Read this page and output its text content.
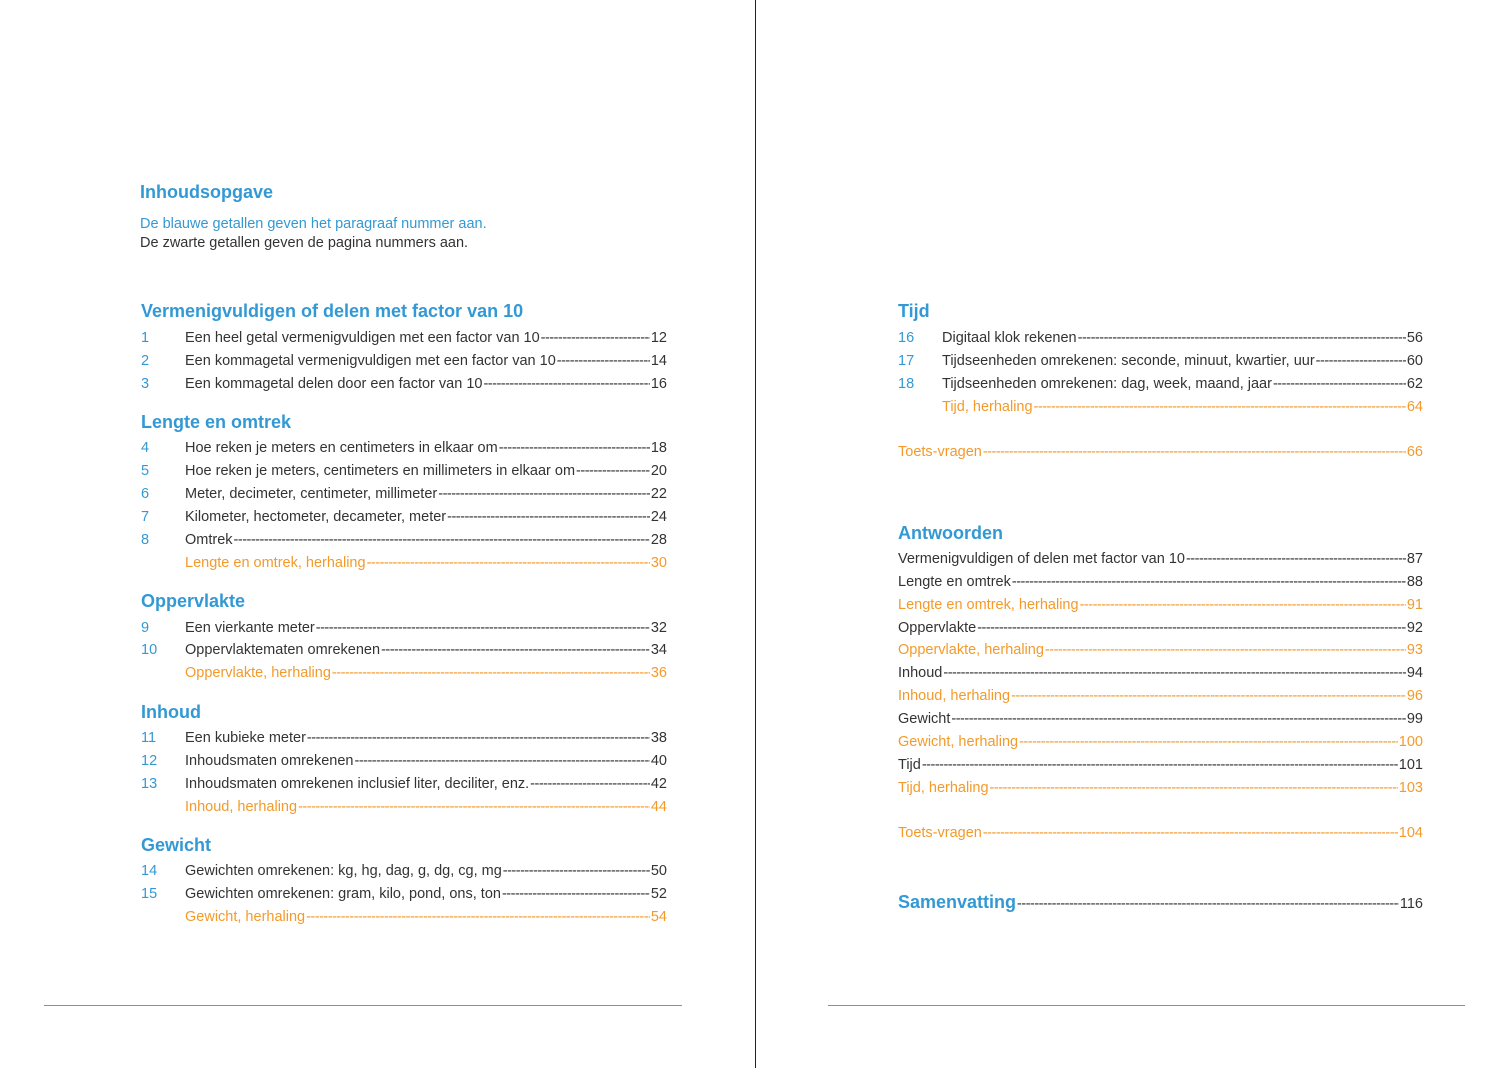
Inhoudsopgave

De blauwe getallen geven het paragraaf nummer aan.

De zwarte getallen geven de pagina nummers aan.

Vermenigvuldigen of delen met factor van 10
1	Een heel getal vermenigvuldigen met een factor van 10 -----	12
2	Een kommagetal vermenigvuldigen met een factor van 10 -----	14
3	Een kommagetal delen door een factor van 10 -----	16
Lengte en omtrek
4	Hoe reken je meters en centimeters in elkaar om -----	18
5	Hoe reken je meters, centimeters en millimeters in elkaar om -----	20
6	Meter, decimeter, centimeter, millimeter -----	22
7	Kilometer, hectometer, decameter, meter -----	24
8	Omtrek -----	28
Lengte en omtrek, herhaling -----	30
Oppervlakte
9	Een vierkante meter -----	32
10	Oppervlaktematen omrekenen -----	34
Oppervlakte, herhaling -----	36
Inhoud
11	Een kubieke meter -----	38
12	Inhoudsmaten omrekenen -----	40
13	Inhoudsmaten omrekenen inclusief liter, deciliter, enz. -----	42
Inhoud, herhaling -----	44
Gewicht
14	Gewichten omrekenen: kg, hg, dag, g, dg, cg, mg -----	50
15	Gewichten omrekenen: gram, kilo, pond, ons, ton -----	52
Gewicht, herhaling -----	54
Tijd
16	Digitaal klok rekenen -----	56
17	Tijdseenheden omrekenen: seconde, minuut, kwartier, uur -----	60
18	Tijdseenheden omrekenen: dag, week, maand, jaar -----	62
Tijd, herhaling -----	64
Toets-vragen -----	66
Antwoorden
Vermenigvuldigen of delen met factor van 10 -----	87
Lengte en omtrek -----	88
Lengte en omtrek, herhaling -----	91
Oppervlakte -----	92
Oppervlakte, herhaling -----	93
Inhoud -----	94
Inhoud, herhaling -----	96
Gewicht -----	99
Gewicht, herhaling -----	100
Tijd -----	101
Tijd, herhaling -----	103
Toets-vragen -----	104
Samenvatting -----	116
